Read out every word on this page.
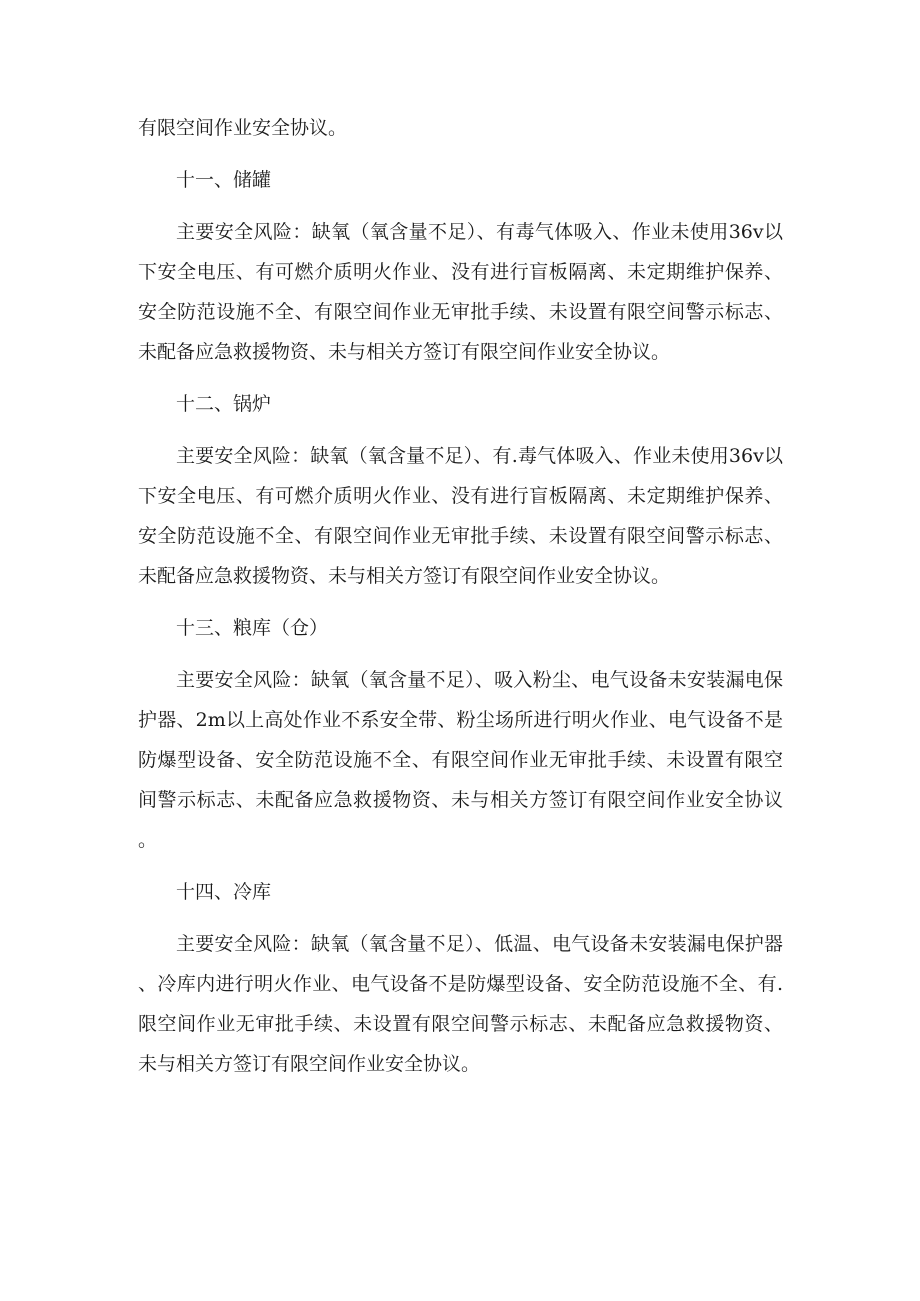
有限空间作业安全协议。

十一、储罐

主要安全风险：缺氧（氧含量不足）、有毒气体吸入、作业未使用36v以下安全电压、有可燃介质明火作业、没有进行盲板隔离、未定期维护保养、安全防范设施不全、有限空间作业无审批手续、未设置有限空间警示标志、未配备应急救援物资、未与相关方签订有限空间作业安全协议。

十二、锅炉

主要安全风险：缺氧（氧含量不足）、有.毒气体吸入、作业未使用36v以下安全电压、有可燃介质明火作业、没有进行盲板隔离、未定期维护保养、安全防范设施不全、有限空间作业无审批手续、未设置有限空间警示标志、未配备应急救援物资、未与相关方签订有限空间作业安全协议。

十三、粮库（仓）

主要安全风险：缺氧（氧含量不足）、吸入粉尘、电气设备未安装漏电保护器、2m以上高处作业不系安全带、粉尘场所进行明火作业、电气设备不是防爆型设备、安全防范设施不全、有限空间作业无审批手续、未设置有限空间警示标志、未配备应急救援物资、未与相关方签订有限空间作业安全协议。

十四、冷库

主要安全风险：缺氧（氧含量不足）、低温、电气设备未安装漏电保护器、冷库内进行明火作业、电气设备不是防爆型设备、安全防范设施不全、有.限空间作业无审批手续、未设置有限空间警示标志、未配备应急救援物资、未与相关方签订有限空间作业安全协议。
